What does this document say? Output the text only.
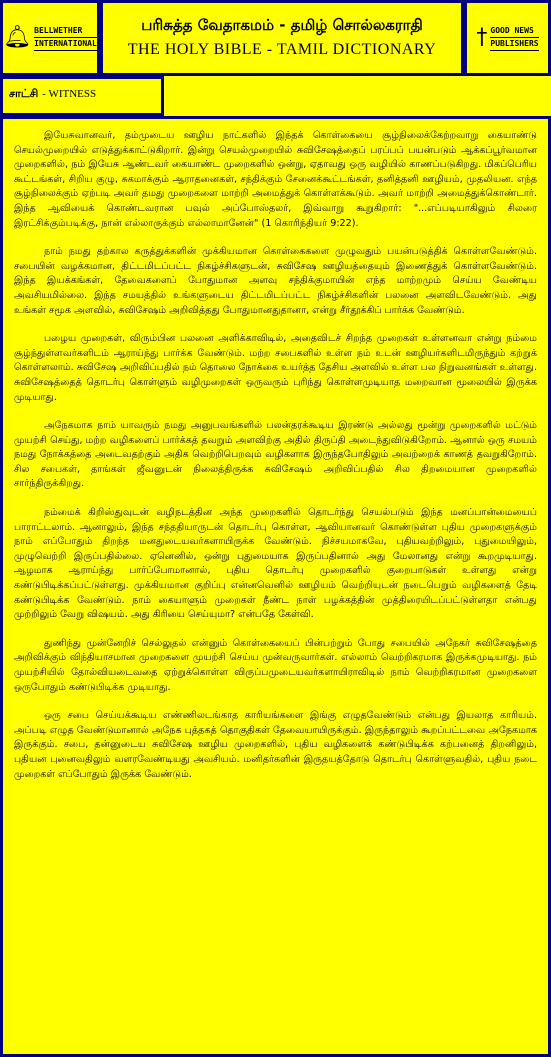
🔔︎ BELLWETHER
INTERNATIONAL
பரிசுத்த வேதாகமம் - தமிழ் சொல்லகராதி
THE HOLY BIBLE - TAMIL DICTIONARY	† GOOD NEWS
PUBLISHERS
சாட்சி - WITNESS

இயேசுவானவர், தம்முடைய ஊழிய நாட்களில் இந்தக் கொள்கையை சூழ்நிலைக்கேற்றவாறு கையாண்டு செயல்முறையில் எடுத்துக்காட்டுகிறார். இன்று செயல்முறையில் சுவிசேஷத்தைப் பரப்பப் பயன்படும் ஆக்கப்பூர்வமான முறைகளில், நம் இயேசு ஆண்டவர் கையாண்ட முறைகளில் ஒன்று, ஏதாவது ஒரு வழியில் காணப்படுகிறது. மிகப்பெரிய கூட்டங்கள், சிறிய குழு, சுகமாக்கும் ஆராதனைகள், சந்திக்கும் சேனைக்கூட்டங்கள், தனித்தனி ஊழியம், முதலியன. எந்த சூழ்நிலைக்கும் ஏற்படி அவர் தமது முறைகளை மாற்றி அமைத்துக் கொள்ளக்கூடும். அவர் மாற்றி அமைத்துக்கொண்டார். இந்த ஆவியைக் கொண்டவரான பவுல் அப்போஸ்தலர், இவ்வாறு கூறுகிறார்: "...எப்படியாகிலும் சிலரை இரட்சிக்கும்படிக்கு, நான் எல்லாருக்கும் எல்லாமானேன்" (1 கொரிந்தியர் 9:22).

நாம் நமது தற்கால கருத்துக்களின் முக்கியமான கொள்கைகளை முழுவதும் பயன்படுத்திக் கொள்ளவேண்டும். சபையின் வழக்கமான, திட்டமிடப்பட்ட நிகழ்ச்சிகளுடன், சுவிசேஷ ஊழியத்தையும் இணைத்துக் கொள்ளவேண்டும். இந்த இயக்கங்கள், தேவைகளைப் போதுமான அளவு சந்திக்குமாயின் எந்த மாற்றமும் செய்ய வேண்டிய அவசியமில்லை. இந்த சமயத்தில் உங்களுடைய திட்டமிடப்பட்ட நிகழ்ச்சிகளின் பலனை அளவிடவேண்டும். அது உங்கள் சமூக அளவில், சுவிசேஷம் அறிவித்தது போதுமானதுதானா, என்று சீர்தூக்கிப் பார்க்க வேண்டும்.

பழைய முறைகள், விரும்பின பலனை அளிக்காவிடில், அதைவிடச் சிறந்த முறைகள் உள்ளனவா என்று நம்மை சூழ்ந்துள்ளவர்களிடம் ஆராய்ந்து பார்க்க வேண்டும். மற்ற சபைகளில் உள்ள நம் உடன் ஊழியர்களிடமிருந்தும் கற்றுக் கொள்ளலாம். சுவிசேஷ அறிவிப்பதில் நம் தொலை நோக்கை உயர்த்த தேசிய அளவில் உள்ள பல நிறுவனங்கள் உள்ளது. சுவிசேஷத்தைத் தொடர்பு கொள்ளும் வழிமுறைகள் ஒருவரும் புரிந்து கொள்ளமுடியாத மறைவான மூலையில் இருக்க முடியாது.

அநேகமாக நாம் யாவரும் நமது அனுபவங்களில் பலன்தரக்கூடிய இரண்டு அல்லது மூன்று முறைகளில் மட்டும் முயற்சி செய்து, மற்ற வழிகளைப் பார்க்கத் தவறும் அளவிற்கு அதில் திருப்தி அடைந்துவிடுகிறோம். ஆனால் ஒரு சமயம் நமது நோக்கத்தை அடைவதற்கும் அதிக வெற்றிபெறவும் வழிகளாக இருந்தபோதிலும் அவற்றைக் காணத் தவறுகிறோம். சில சபைகள், தாங்கள் ஜீவனுடன் நிலைத்திருக்க சுவிசேஷம் அறிவிப்பதில் சில திறமையான முறைகளில் சார்ந்திருக்கிறது.

நம்மைக் கிறிஸ்துவுடன் வழிநடத்தின அந்த முறைகளில் தொடர்ந்து செயல்படும் இந்த மனப்பான்மையைப் பாராட்டலாம். ஆனாலும், இந்த சந்ததியாருடன் தொடர்பு கொள்ள, ஆவியானவர் கொண்டுள்ள புதிய முறைகளுக்கும் நாம் எப்போதும் திறந்த மனதுடையவர்களாயிருக்க வேண்டும். நிச்சயமாகவே, புதியவற்றிலும், புதுமையிலும், முழுவெற்றி இருப்பதில்லை. ஏனெனில், ஒன்று புதுமையாக இருப்பதினால் அது மேலானது என்று கூறமுடியாது. ஆழமாக ஆராய்ந்து பார்ப்போமானால், புதிய தொடர்பு முறைகளில் குறைபாடுகள் உள்ளது என்று கண்டுபிடிக்கப்பட்டுள்ளது. முக்கியமான குறிப்பு என்னவெனில் ஊழியம் வெற்றியுடன் நடைபெறும் வழிகளைத் தேடி கண்டுபிடிக்க வேண்டும். நாம் கையாளும் முறைகள் நீண்ட நாள் பழக்கத்தின் முத்திரையிடப்பட்டுள்ளதா என்பது முற்றிலும் வேறு விஷயம். அது கிரியை செய்யுமா? என்பதே கேள்வி.

துணிந்து முன்னேறிச் செல்லுதல் என்னும் கொள்கையைப் பின்பற்றும் போது சபையில் அநேகர் சுவிசேஷத்தை அறிவிக்கும் விந்தியாசமான முறைகளை முயற்சி செய்ய முன்வருவார்கள். எல்லாம் வெற்றிகரமாக இருக்கமுடியாது. நம் முயற்சியில் தோல்வியடைவதை ஏற்றுக்கொள்ள விருப்பமுடையவர்களாயிராவிடில் நாம் வெற்றிகரமான முறைகளை ஒருபோதும் கண்டுபிடிக்க முடியாது.

ஒரு சபை செய்யக்கூடிய எண்ணிலடங்காத காரியங்களை இங்கு எழுதவேண்டும் என்பது இயலாத காரியம். அப்படி எழுத வேண்டுமானால் அநேக புத்தகத் தொகுதிகள் தேவையாயிருக்கும். இருந்தாலும் கூறப்பட்டவை அநேகமாக இருக்கும். சபை, தன்னுடைய சுவிசேஷ ஊழிய முறைகளில், புதிய வழிகளைக் கண்டுபிடிக்க கற்பனைத் திறனிலும், புதியன புனைவதிலும் வளரவேண்டியது அவசியம். மனிதர்களின் இருதயத்தோடு தொடர்பு கொள்ளுவதில், புதிய நடை முறைகள் எப்போதும் இருக்க வேண்டும்.
